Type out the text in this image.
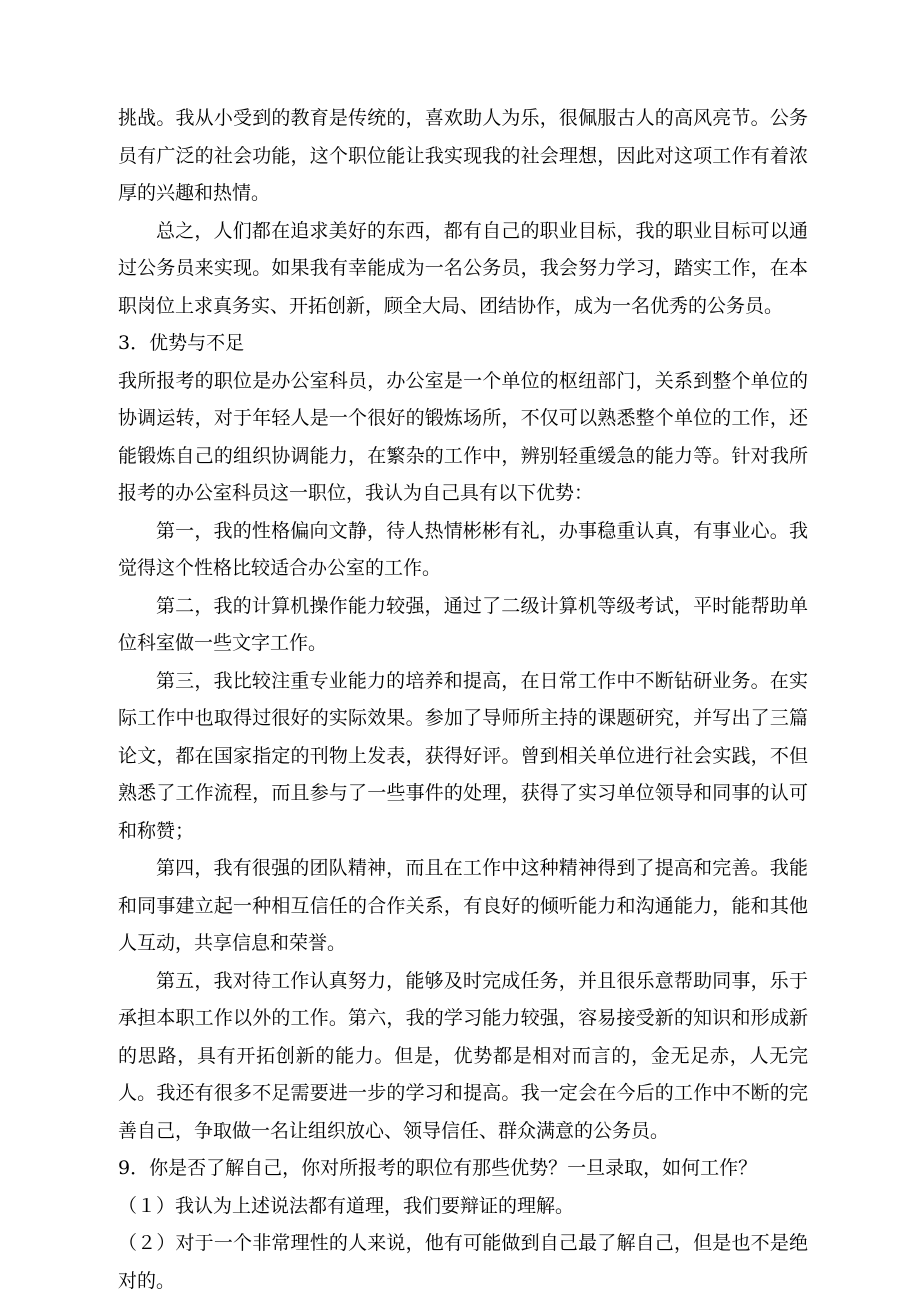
挑战。我从小受到的教育是传统的，喜欢助人为乐，很佩服古人的高风亮节。公务员有广泛的社会功能，这个职位能让我实现我的社会理想，因此对这项工作有着浓厚的兴趣和热情。

总之，人们都在追求美好的东西，都有自己的职业目标，我的职业目标可以通过公务员来实现。如果我有幸能成为一名公务员，我会努力学习，踏实工作，在本职岗位上求真务实、开拓创新，顾全大局、团结协作，成为一名优秀的公务员。

3．优势与不足

我所报考的职位是办公室科员，办公室是一个单位的枢纽部门，关系到整个单位的协调运转，对于年轻人是一个很好的锻炼场所，不仅可以熟悉整个单位的工作，还能锻炼自己的组织协调能力，在繁杂的工作中，辨别轻重缓急的能力等。针对我所报考的办公室科员这一职位，我认为自己具有以下优势：

第一，我的性格偏向文静，待人热情彬彬有礼，办事稳重认真，有事业心。我觉得这个性格比较适合办公室的工作。

第二，我的计算机操作能力较强，通过了二级计算机等级考试，平时能帮助单位科室做一些文字工作。

第三，我比较注重专业能力的培养和提高，在日常工作中不断钻研业务。在实际工作中也取得过很好的实际效果。参加了导师所主持的课题研究，并写出了三篇论文，都在国家指定的刊物上发表，获得好评。曾到相关单位进行社会实践，不但熟悉了工作流程，而且参与了一些事件的处理，获得了实习单位领导和同事的认可和称赞；

第四，我有很强的团队精神，而且在工作中这种精神得到了提高和完善。我能和同事建立起一种相互信任的合作关系，有良好的倾听能力和沟通能力，能和其他人互动，共享信息和荣誉。

第五，我对待工作认真努力，能够及时完成任务，并且很乐意帮助同事，乐于承担本职工作以外的工作。第六，我的学习能力较强，容易接受新的知识和形成新的思路，具有开拓创新的能力。但是，优势都是相对而言的，金无足赤，人无完人。我还有很多不足需要进一步的学习和提高。我一定会在今后的工作中不断的完善自己，争取做一名让组织放心、领导信任、群众满意的公务员。

9．你是否了解自己，你对所报考的职位有那些优势？一旦录取，如何工作？

（１）我认为上述说法都有道理，我们要辩证的理解。

（２）对于一个非常理性的人来说，他有可能做到自己最了解自己，但是也不是绝对的。
